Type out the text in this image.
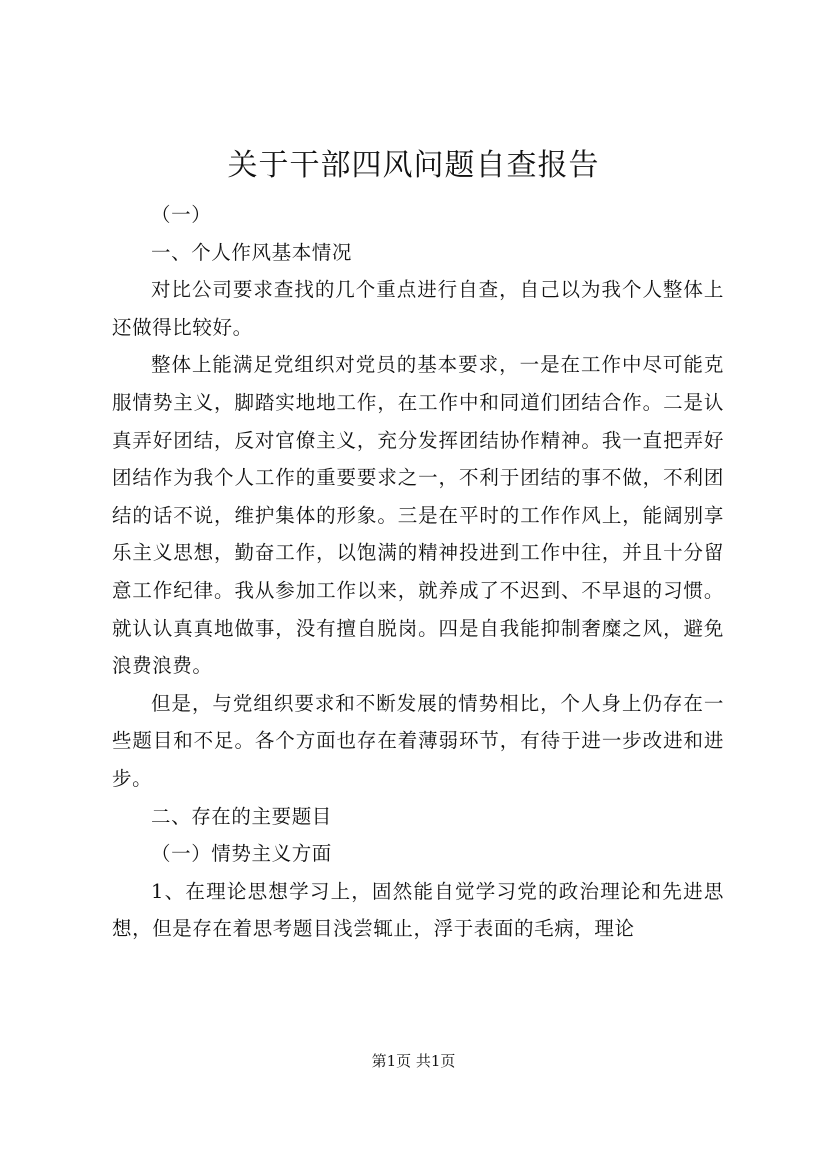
关于干部四风问题自查报告

（一）

一、个人作风基本情况

对比公司要求查找的几个重点进行自查，自己以为我个人整体上还做得比较好。

整体上能满足党组织对党员的基本要求，一是在工作中尽可能克服情势主义，脚踏实地地工作，在工作中和同道们团结合作。二是认真弄好团结，反对官僚主义，充分发挥团结协作精神。我一直把弄好团结作为我个人工作的重要要求之一，不利于团结的事不做，不利团结的话不说，维护集体的形象。三是在平时的工作作风上，能阔别享乐主义思想，勤奋工作，以饱满的精神投进到工作中往，并且十分留意工作纪律。我从参加工作以来，就养成了不迟到、不早退的习惯。就认认真真地做事，没有擅自脱岗。四是自我能抑制奢糜之风，避免浪费浪费。

但是，与党组织要求和不断发展的情势相比，个人身上仍存在一些题目和不足。各个方面也存在着薄弱环节，有待于进一步改进和进步。

二、存在的主要题目

（一）情势主义方面

1、在理论思想学习上，固然能自觉学习党的政治理论和先进思想，但是存在着思考题目浅尝辄止，浮于表面的毛病，理论

第1页 共1页
